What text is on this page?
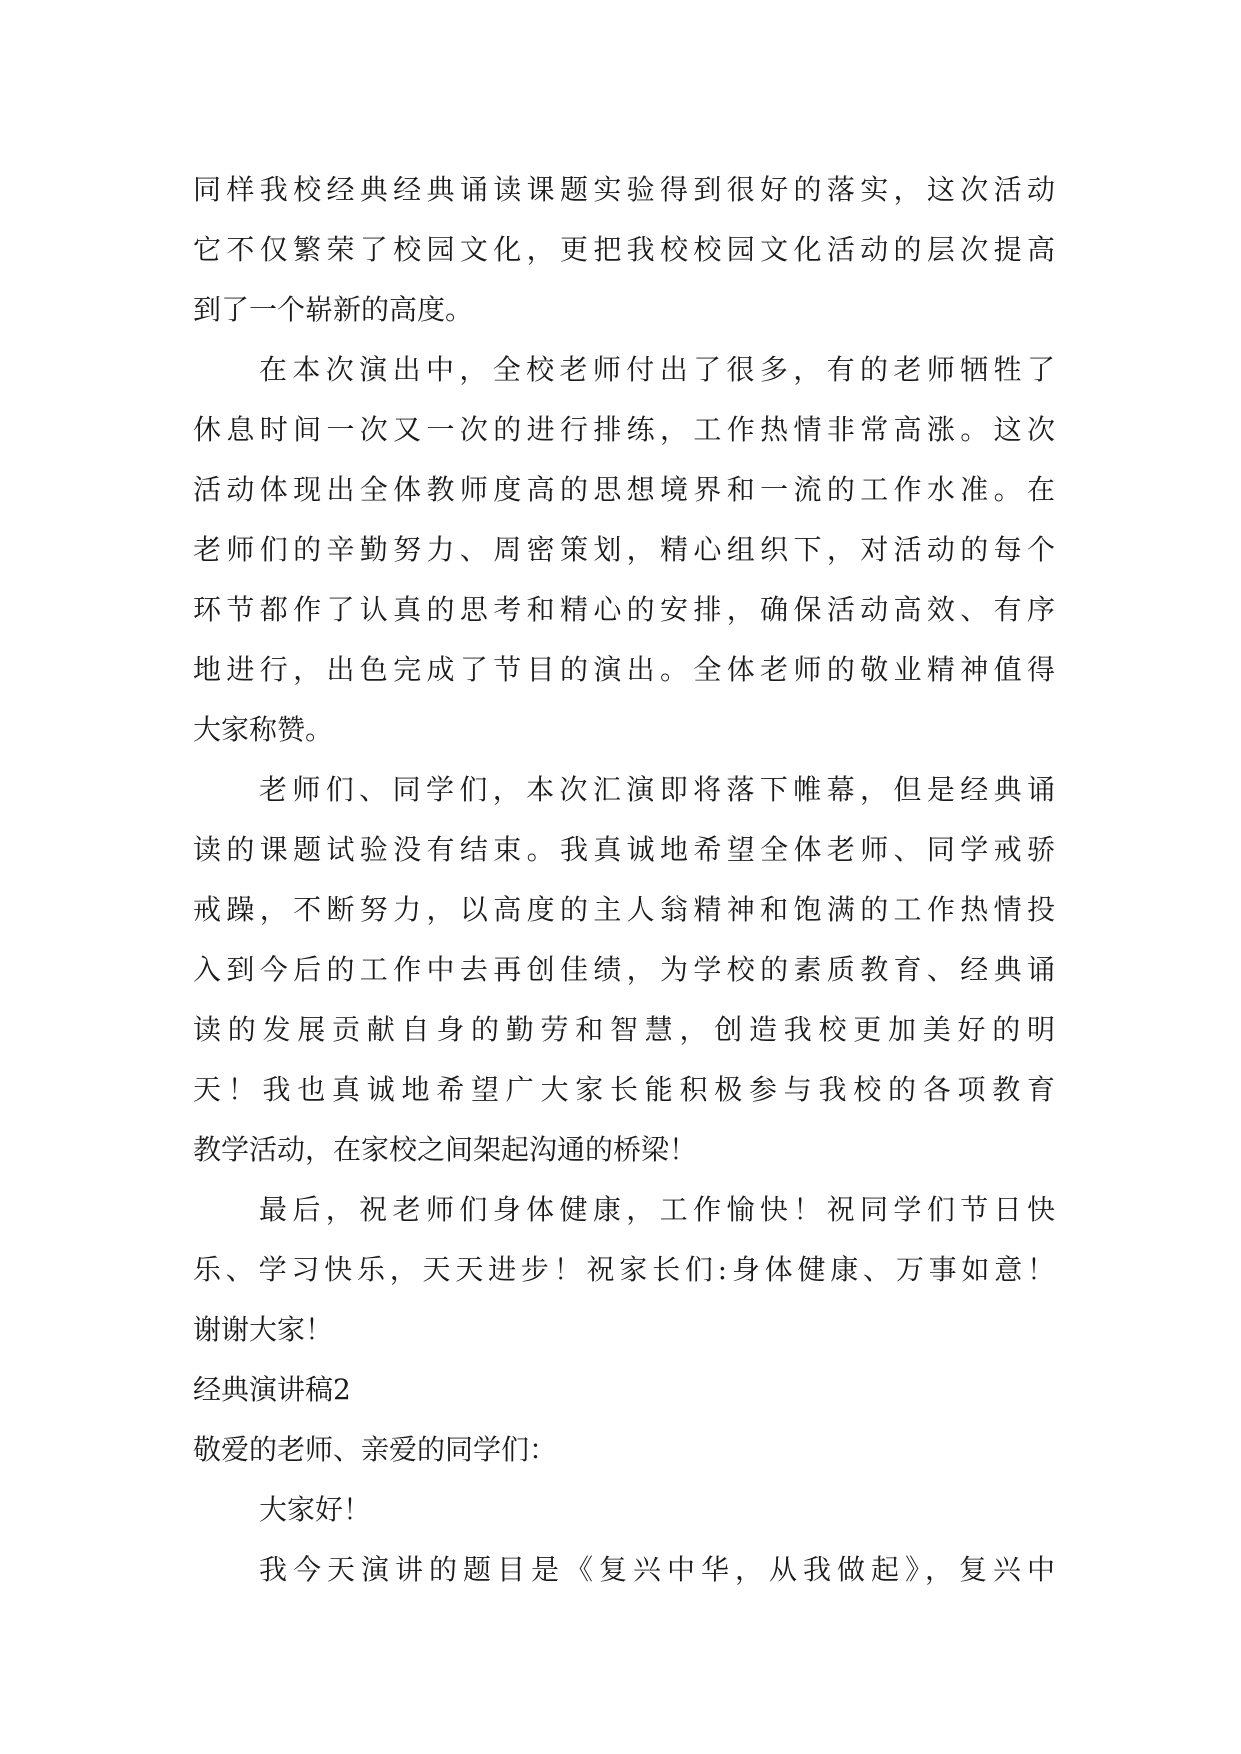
同样我校经典经典诵读课题实验得到很好的落实，这次活动
它不仅繁荣了校园文化，更把我校校园文化活动的层次提高
到了一个崭新的高度。
在本次演出中，全校老师付出了很多，有的老师牺牲了
休息时间一次又一次的进行排练，工作热情非常高涨。这次
活动体现出全体教师度高的思想境界和一流的工作水准。在
老师们的辛勤努力、周密策划，精心组织下，对活动的每个
环节都作了认真的思考和精心的安排，确保活动高效、有序
地进行，出色完成了节目的演出。全体老师的敬业精神值得
大家称赞。
老师们、同学们，本次汇演即将落下帷幕，但是经典诵
读的课题试验没有结束。我真诚地希望全体老师、同学戒骄
戒躁，不断努力，以高度的主人翁精神和饱满的工作热情投
入到今后的工作中去再创佳绩，为学校的素质教育、经典诵
读的发展贡献自身的勤劳和智慧，创造我校更加美好的明
天！我也真诚地希望广大家长能积极参与我校的各项教育
教学活动，在家校之间架起沟通的桥梁！
最后，祝老师们身体健康，工作愉快！祝同学们节日快
乐、学习快乐，天天进步！祝家长们:身体健康、万事如意！
谢谢大家！
经典演讲稿2
敬爱的老师、亲爱的同学们：
大家好！
我今天演讲的题目是《复兴中华，从我做起》，复兴中
